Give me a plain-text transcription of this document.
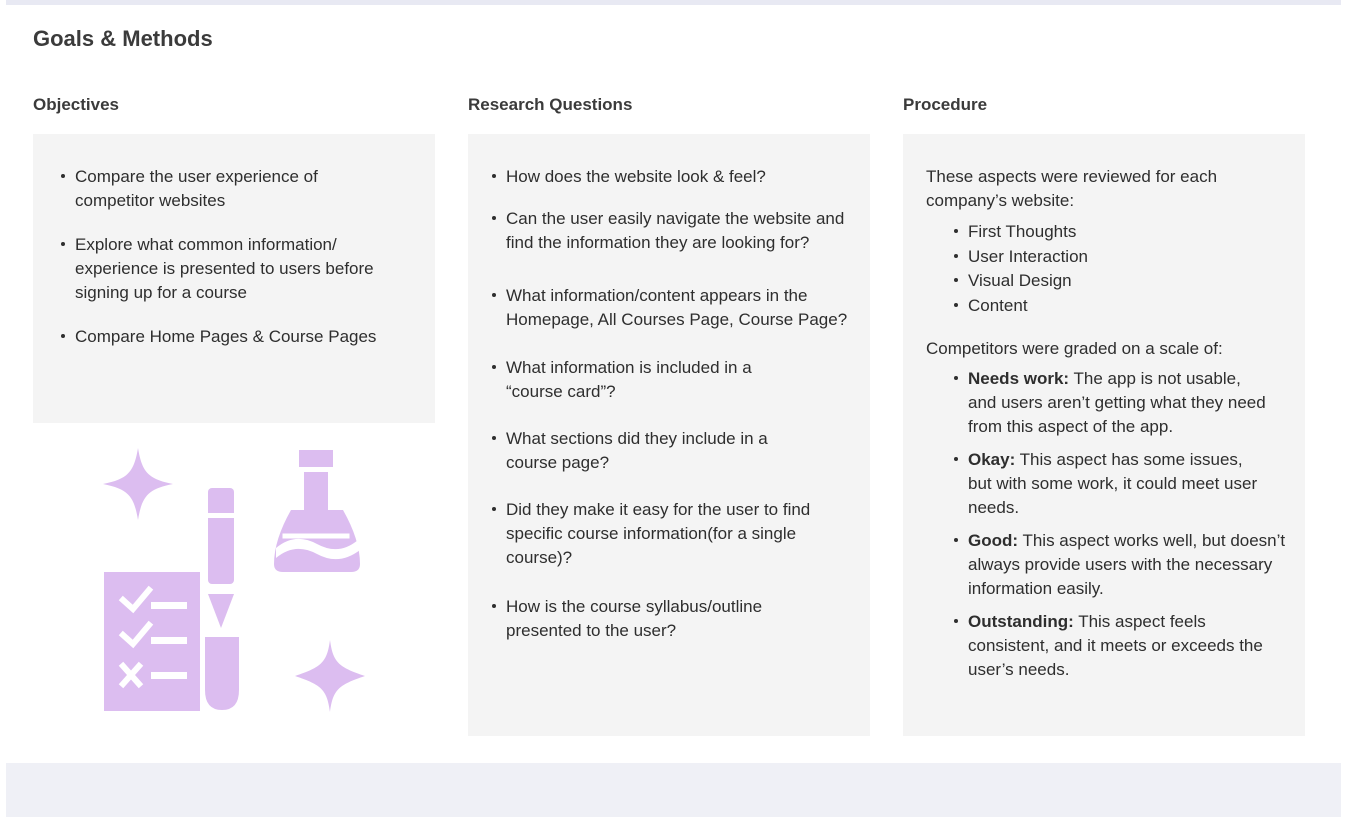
Goals & Methods
Objectives
Compare the user experience of competitor websites
Explore what common information/ experience is presented to users before signing up for a course
Compare Home Pages & Course Pages
Research Questions
How does the website look & feel?
Can the user easily navigate the website and find the information they are looking for?
What information/content appears in the Homepage, All Courses Page, Course Page?
What information is included in a “course card”?
What sections did they include in a course page?
Did they make it easy for the user to find specific course information(for a single course)?
How is the course syllabus/outline presented to the user?
Procedure

These aspects were reviewed for each company’s website:

First Thoughts
User Interaction
Visual Design
Content

Competitors were graded on a scale of:

Needs work: The app is not usable, and users aren’t getting what they need from this aspect of the app.
Okay: This aspect has some issues, but with some work, it could meet user needs.
Good: This aspect works well, but doesn’t always provide users with the necessary information easily.
Outstanding: This aspect feels consistent, and it meets or exceeds the user’s needs.
